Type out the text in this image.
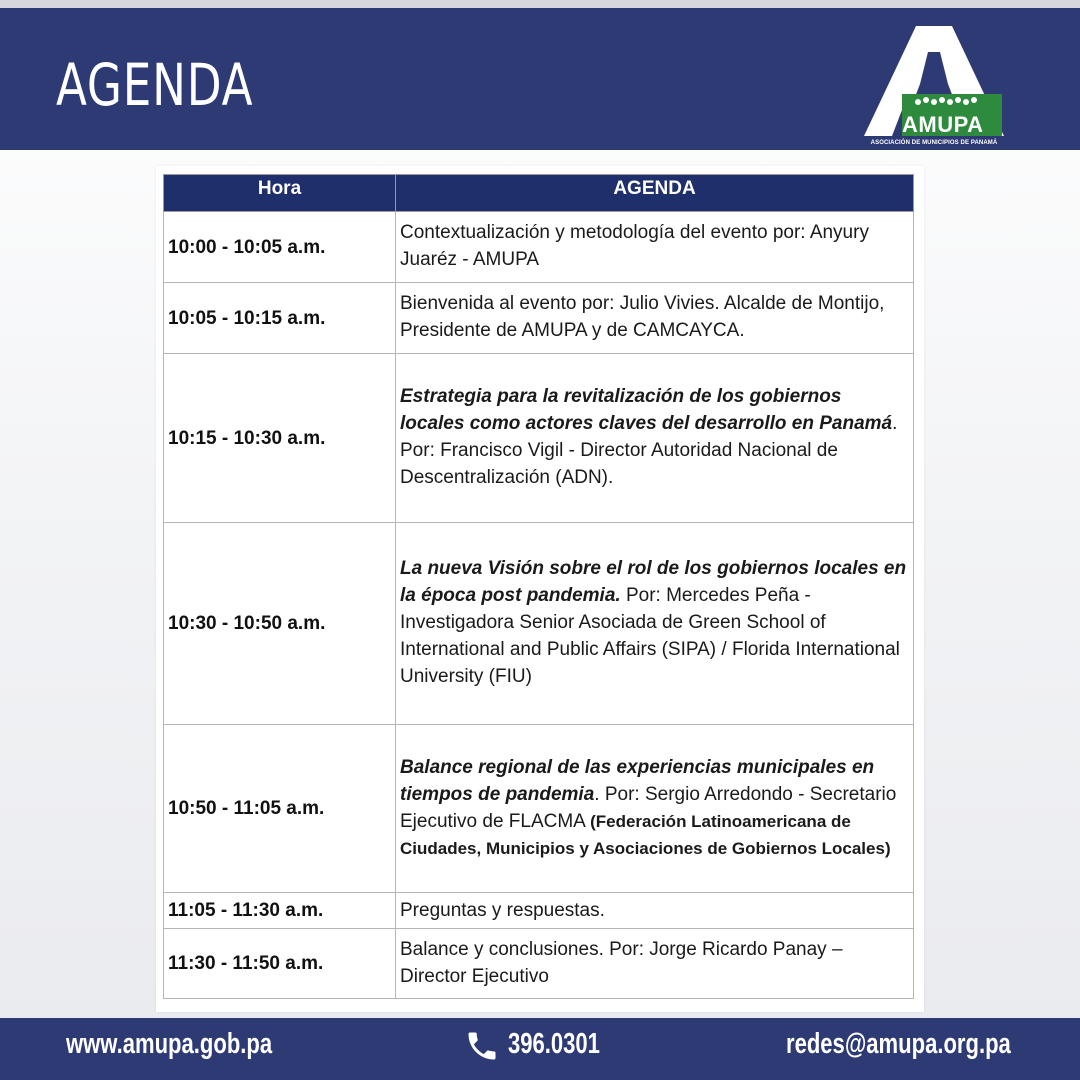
AGENDA
AMUPA
ASOCIACIÓN DE MUNICIPIOS DE PANAMÁ
Hora	AGENDA
10:00 - 10:05 a.m.	Contextualización y metodología del evento por: Anyury Juaréz - AMUPA
10:05 - 10:15 a.m.	Bienvenida al evento por: Julio Vivies. Alcalde de Montijo, Presidente de AMUPA y de CAMCAYCA.
10:15 - 10:30 a.m.	Estrategia para la revitalización de los gobiernos locales como actores claves del desarrollo en Panamá. Por: Francisco Vigil - Director Autoridad Nacional de Descentralización (ADN).
10:30 - 10:50 a.m.	La nueva Visión sobre el rol de los gobiernos locales en la época post pandemia. Por: Mercedes Peña - Investigadora Senior Asociada de Green School of International and Public Affairs (SIPA) / Florida International University (FIU)
10:50 - 11:05 a.m.	Balance regional de las experiencias municipales en tiempos de pandemia. Por: Sergio Arredondo - Secretario Ejecutivo de FLACMA (Federación Latinoamericana de Ciudades, Municipios y Asociaciones de Gobiernos Locales)
11:05 - 11:30 a.m.	Preguntas y respuestas.
11:30 - 11:50 a.m.	Balance y conclusiones. Por: Jorge Ricardo Panay – Director Ejecutivo
www.amupa.gob.pa	396.0301	redes@amupa.org.pa
